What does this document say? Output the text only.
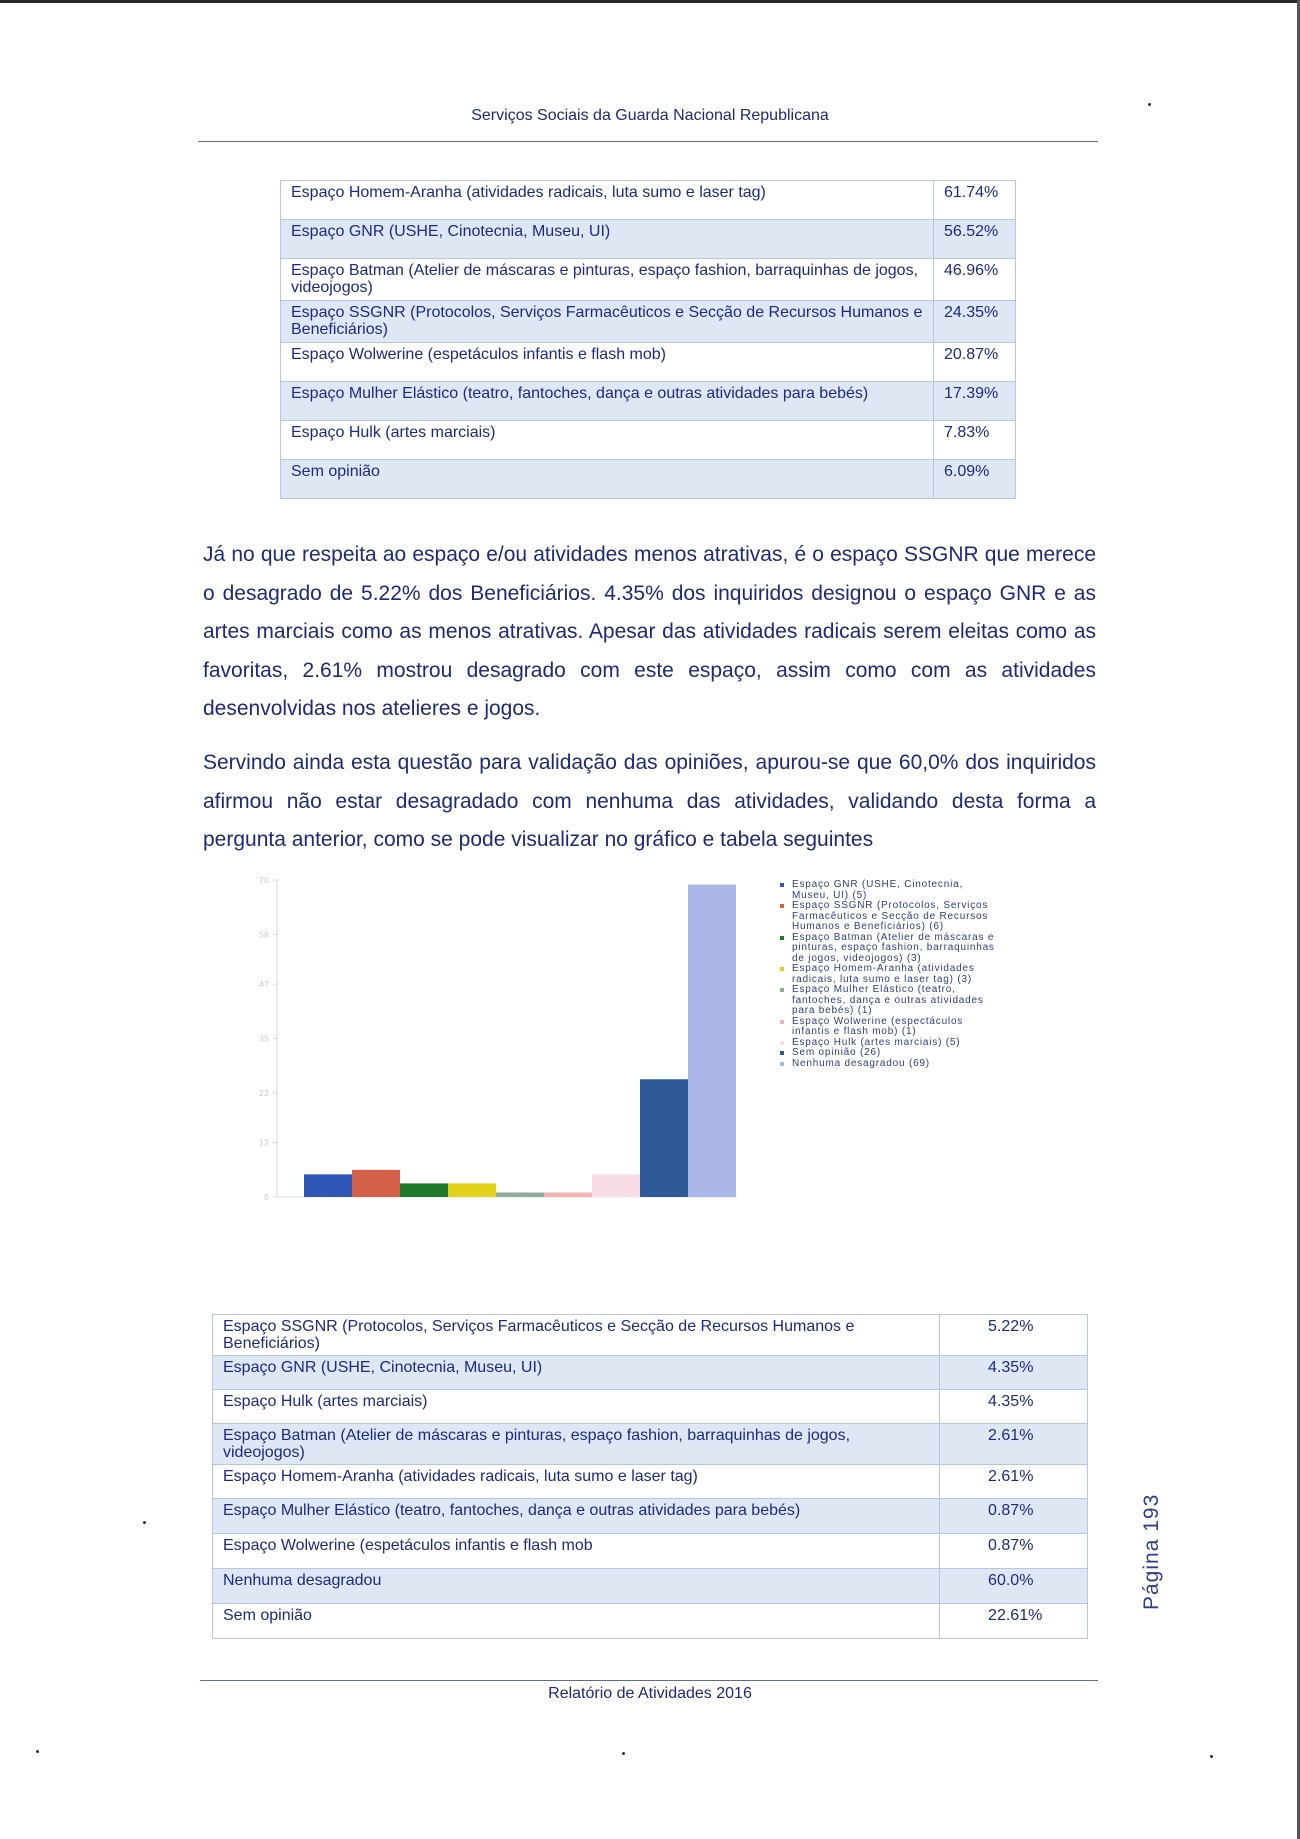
Serviços Sociais da Guarda Nacional Republicana
Espaço Homem-Aranha (atividades radicais, luta sumo e laser tag)	61.74%
Espaço GNR (USHE, Cinotecnia, Museu, UI)	56.52%
Espaço Batman (Atelier de máscaras e pinturas, espaço fashion, barraquinhas de jogos, videojogos)	46.96%
Espaço SSGNR (Protocolos, Serviços Farmacêuticos e Secção de Recursos Humanos e Beneficiários)	24.35%
Espaço Wolwerine (espetáculos infantis e flash mob)	20.87%
Espaço Mulher Elástico (teatro, fantoches, dança e outras atividades para bebés)	17.39%
Espaço Hulk (artes marciais)	7.83%
Sem opinião	6.09%

Já no que respeita ao espaço e/ou atividades menos atrativas, é o espaço SSGNR que merece o desagrado de 5.22% dos Beneficiários. 4.35% dos inquiridos designou o espaço GNR e as artes marciais como as menos atrativas. Apesar das atividades radicais serem eleitas como as favoritas, 2.61% mostrou desagrado com este espaço, assim como com as atividades desenvolvidas nos atelieres e jogos.

Servindo ainda esta questão para validação das opiniões, apurou-se que 60,0% dos inquiridos afirmou não estar desagradado com nenhuma das atividades, validando desta forma a pergunta anterior, como se pode visualizar no gráfico e tabela seguintes

0
12
23
35
47
58
70	Espaço GNR (USHE, Cinotecnia, Museu, UI) (5)
Espaço SSGNR (Protocolos, Serviços Farmacêuticos e Secção de Recursos Humanos e Beneficiários) (6)
Espaço Batman (Atelier de máscaras e pinturas, espaço fashion, barraquinhas de jogos, videojogos) (3)
Espaço Homem-Aranha (atividades radicais, luta sumo e laser tag) (3)
Espaço Mulher Elástico (teatro, fantoches, dança e outras atividades para bebés) (1)
Espaço Wolwerine (espectáculos infantis e flash mob) (1)
Espaço Hulk (artes marciais) (5)
Sem opinião (26)
Nenhuma desagradou (69)
Espaço SSGNR (Protocolos, Serviços Farmacêuticos e Secção de Recursos Humanos e Beneficiários)	5.22%
Espaço GNR (USHE, Cinotecnia, Museu, UI)	4.35%
Espaço Hulk (artes marciais)	4.35%
Espaço Batman (Atelier de máscaras e pinturas, espaço fashion, barraquinhas de jogos, videojogos)	2.61%
Espaço Homem-Aranha (atividades radicais, luta sumo e laser tag)	2.61%
Espaço Mulher Elástico (teatro, fantoches, dança e outras atividades para bebés)	0.87%
Espaço Wolwerine (espetáculos infantis e flash mob	0.87%
Nenhuma desagradou	60.0%
Sem opinião	22.61%
Página 193
Relatório de Atividades 2016
